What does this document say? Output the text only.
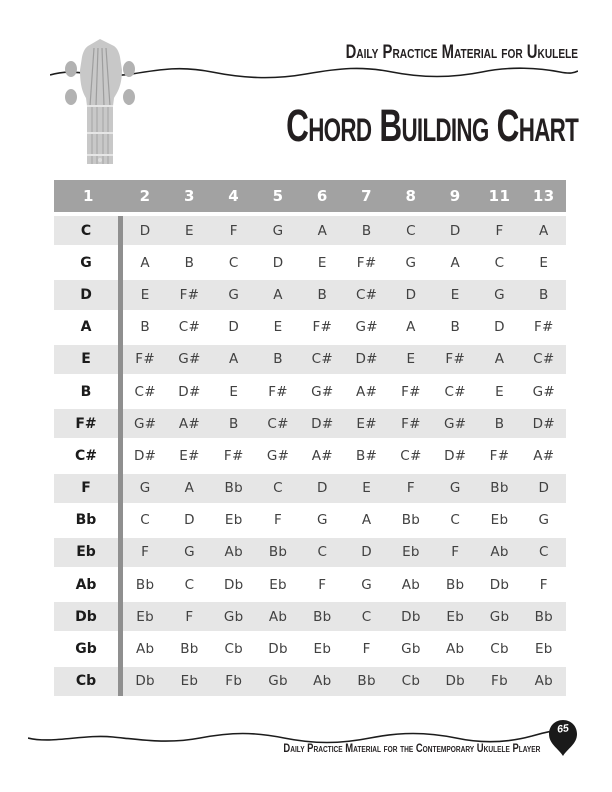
Daily Practice Material for Ukulele
Chord Building Chart
1	2	3	4	5	6	7	8	9	11	13
C	D	E	F	G	A	B	C	D	F	A
G	A	B	C	D	E	F#	G	A	C	E
D	E	F#	G	A	B	C#	D	E	G	B
A	B	C#	D	E	F#	G#	A	B	D	F#
E	F#	G#	A	B	C#	D#	E	F#	A	C#
B	C#	D#	E	F#	G#	A#	F#	C#	E	G#
F#	G#	A#	B	C#	D#	E#	F#	G#	B	D#
C#	D#	E#	F#	G#	A#	B#	C#	D#	F#	A#
F	G	A	Bb	C	D	E	F	G	Bb	D
Bb	C	D	Eb	F	G	A	Bb	C	Eb	G
Eb	F	G	Ab	Bb	C	D	Eb	F	Ab	C
Ab	Bb	C	Db	Eb	F	G	Ab	Bb	Db	F
Db	Eb	F	Gb	Ab	Bb	C	Db	Eb	Gb	Bb
Gb	Ab	Bb	Cb	Db	Eb	F	Gb	Ab	Cb	Eb
Cb	Db	Eb	Fb	Gb	Ab	Bb	Cb	Db	Fb	Ab
Daily Practice Material for the Contemporary Ukulele Player
65
